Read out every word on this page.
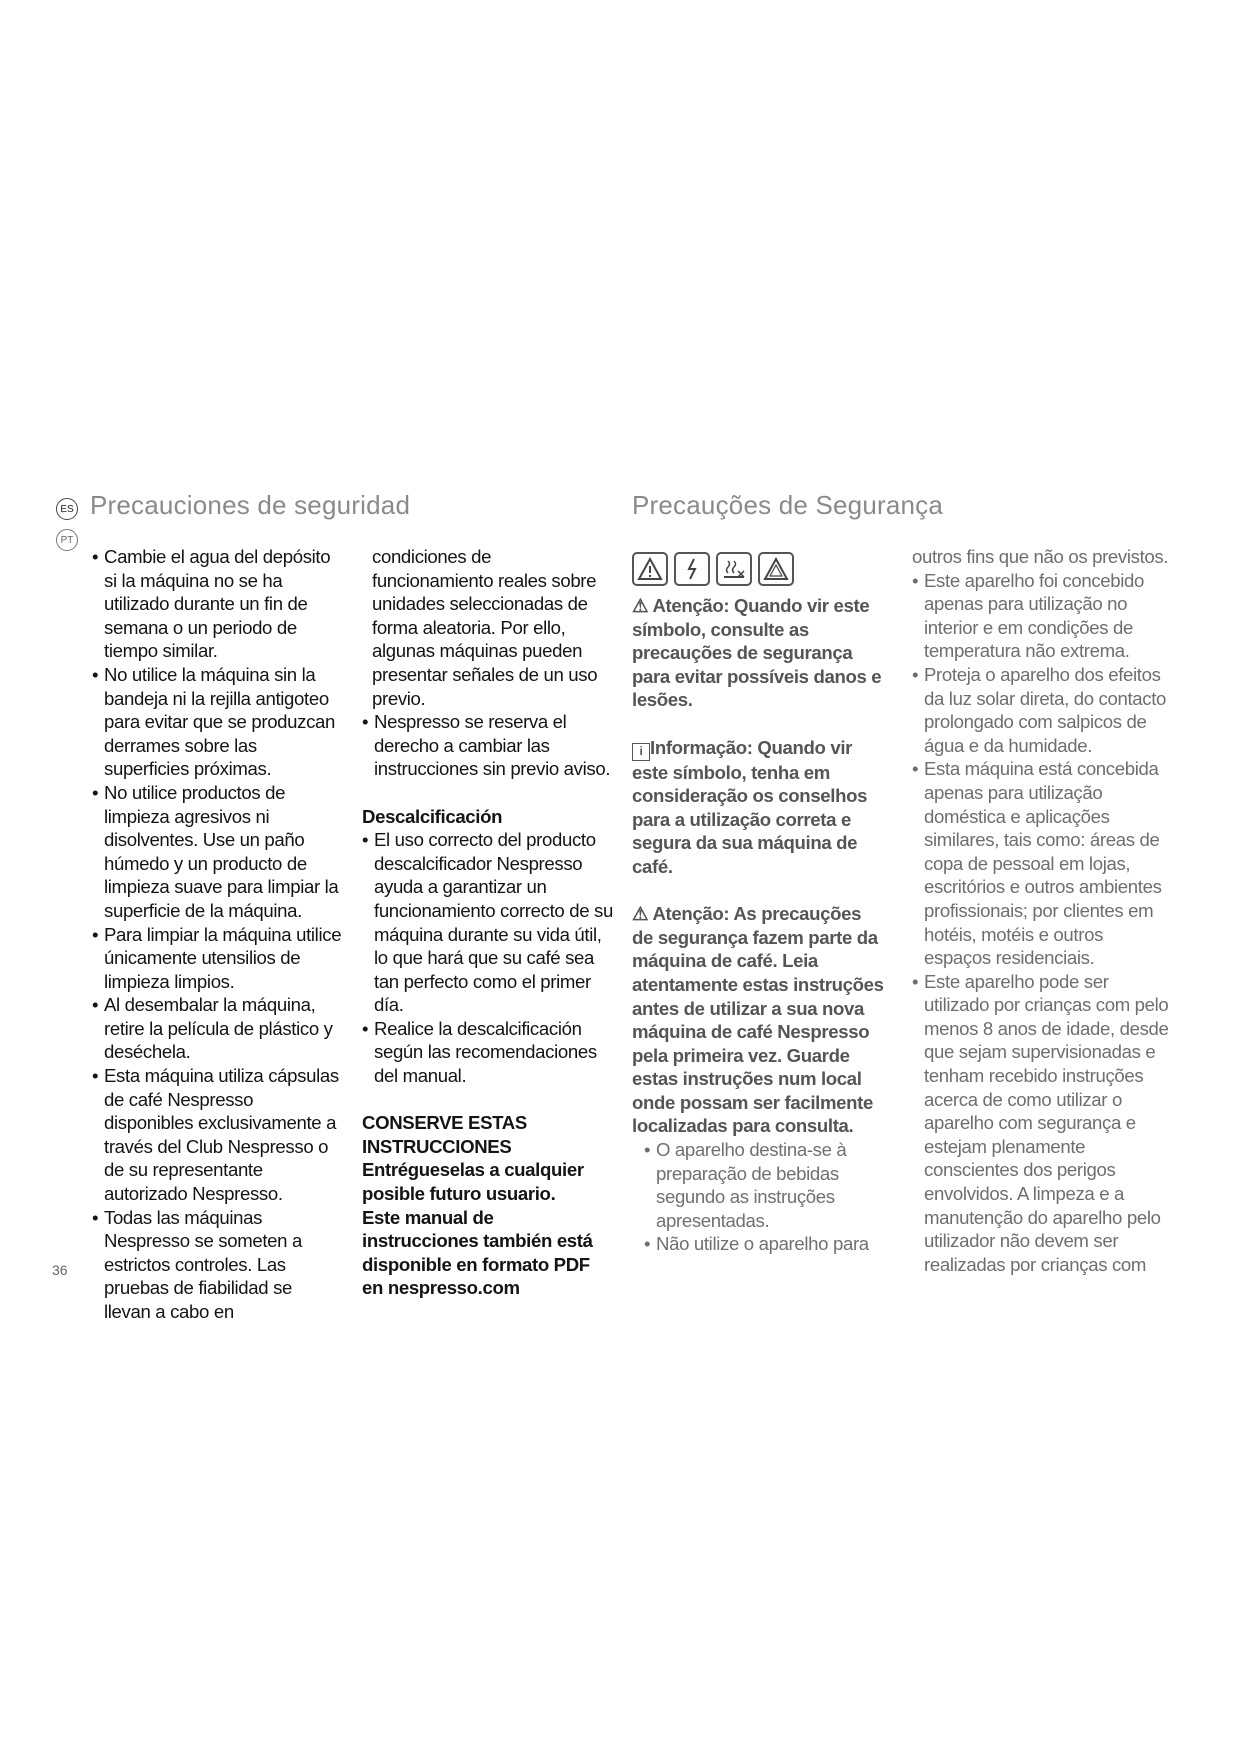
ES
PT
Precauciones de seguridad	Precauções de Segurança

• Cambie el agua del depósito si la máquina no se ha utilizado durante un fin de semana o un periodo de tiempo similar.

• No utilice la máquina sin la bandeja ni la rejilla antigoteo para evitar que se produzcan derrames sobre las superficies próximas.

• No utilice productos de limpieza agresivos ni disolventes. Use un paño húmedo y un producto de limpieza suave para limpiar la superficie de la máquina.

• Para limpiar la máquina utilice únicamente utensilios de limpieza limpios.

• Al desembalar la máquina, retire la película de plástico y deséchela.

• Esta máquina utiliza cápsulas de café Nespresso disponibles exclusivamente a través del Club Nespresso o de su representante autorizado Nespresso.

• Todas las máquinas Nespresso se someten a estrictos controles. Las pruebas de fiabilidad se llevan a cabo en

condiciones de funcionamiento reales sobre unidades seleccionadas de forma aleatoria. Por ello, algunas máquinas pueden presentar señales de un uso previo.

• Nespresso se reserva el derecho a cambiar las instrucciones sin previo aviso.

Descalcificación

• El uso correcto del producto descalcificador Nespresso ayuda a garantizar un funcionamiento correcto de su máquina durante su vida útil, lo que hará que su café sea tan perfecto como el primer día.

• Realice la descalcificación según las recomendaciones del manual.

CONSERVE ESTAS INSTRUCCIONES

Entrégueselas a cualquier posible futuro usuario.

Este manual de instrucciones también está disponible en formato PDF en nespresso.com

⚠ Atenção: Quando vir este símbolo, consulte as precauções de segurança para evitar possíveis danos e lesões.

i Informação: Quando vir este símbolo, tenha em consideração os conselhos para a utilização correta e segura da sua máquina de café.

⚠ Atenção: As precauções de segurança fazem parte da máquina de café. Leia atentamente estas instruções antes de utilizar a sua nova máquina de café Nespresso pela primeira vez. Guarde estas instruções num local onde possam ser facilmente localizadas para consulta.

• O aparelho destina-se à preparação de bebidas segundo as instruções apresentadas.

• Não utilize o aparelho para

outros fins que não os previstos.

• Este aparelho foi concebido apenas para utilização no interior e em condições de temperatura não extrema.

• Proteja o aparelho dos efeitos da luz solar direta, do contacto prolongado com salpicos de água e da humidade.

• Esta máquina está concebida apenas para utilização doméstica e aplicações similares, tais como: áreas de copa de pessoal em lojas, escritórios e outros ambientes profissionais; por clientes em hotéis, motéis e outros espaços residenciais.

• Este aparelho pode ser utilizado por crianças com pelo menos 8 anos de idade, desde que sejam supervisionadas e tenham recebido instruções acerca de como utilizar o aparelho com segurança e estejam plenamente conscientes dos perigos envolvidos. A limpeza e a manutenção do aparelho pelo utilizador não devem ser realizadas por crianças com

36
